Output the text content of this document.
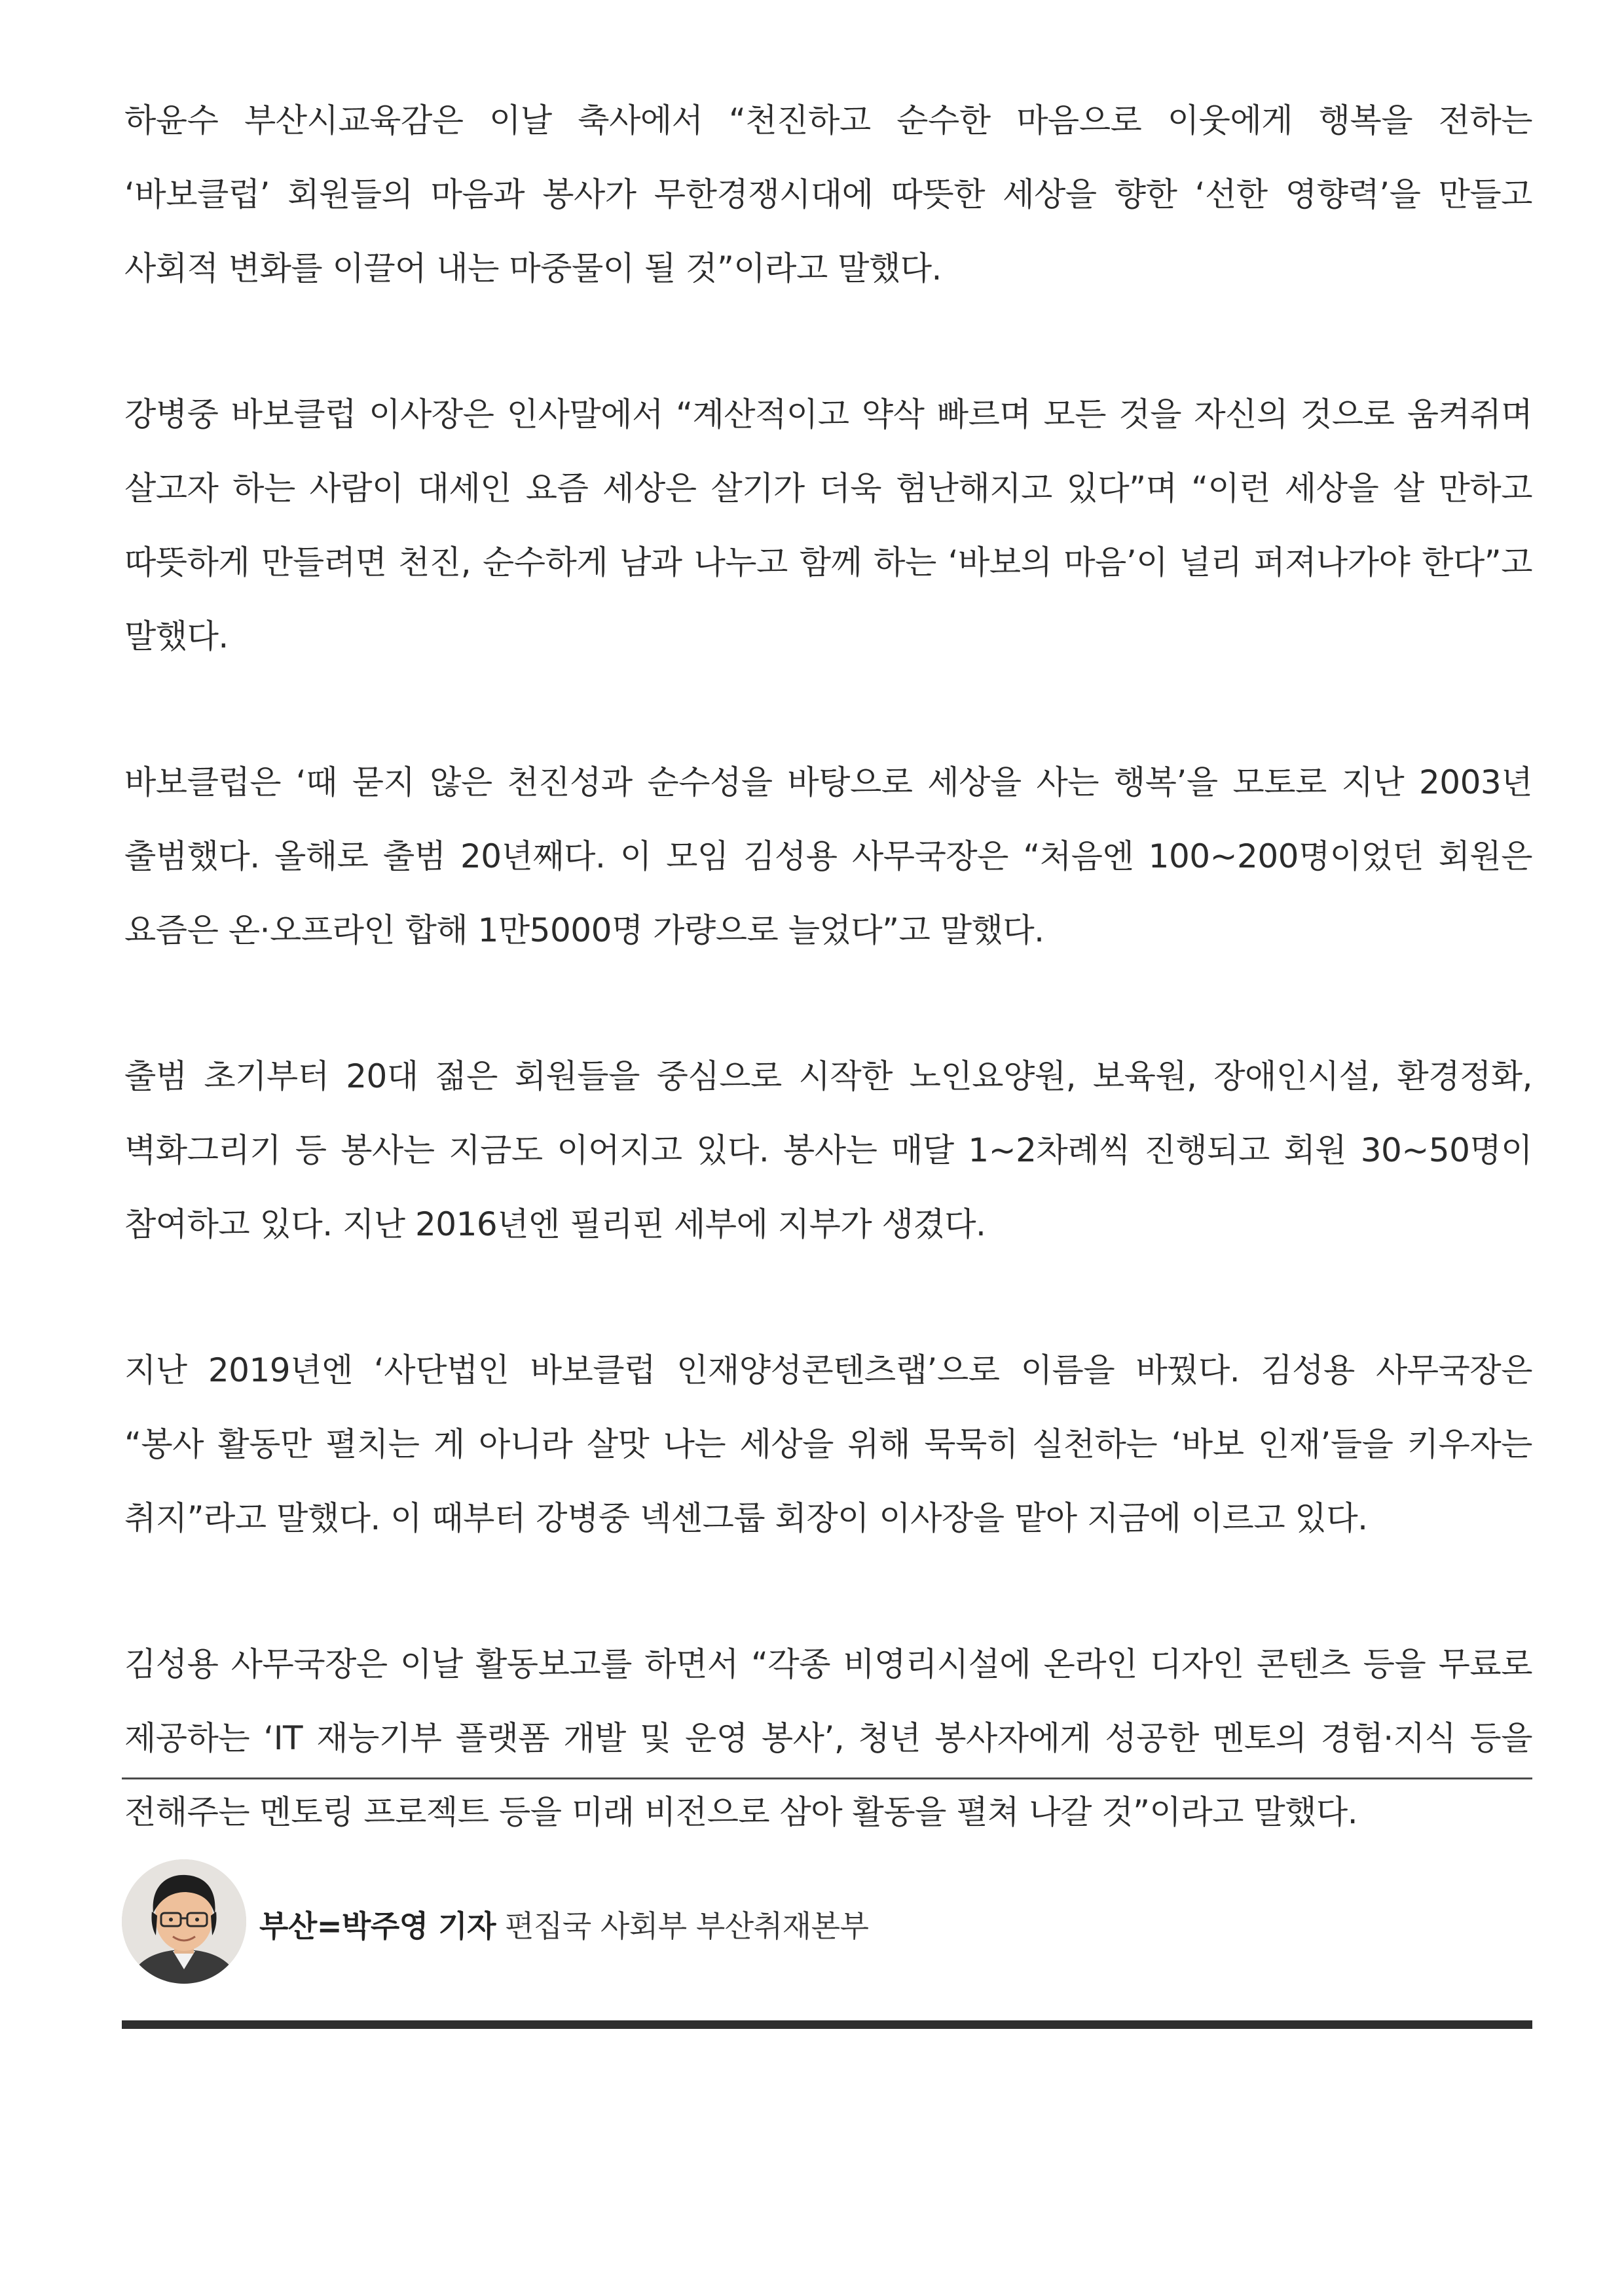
하윤수 부산시교육감은 이날 축사에서 “천진하고 순수한 마음으로 이웃에게 행복을 전하는 ‘바보클럽’ 회원들의 마음과 봉사가 무한경쟁시대에 따뜻한 세상을 향한 ‘선한 영향력’을 만들고 사회적 변화를 이끌어 내는 마중물이 될 것”이라고 말했다.

강병중 바보클럽 이사장은 인사말에서 “계산적이고 약삭 빠르며 모든 것을 자신의 것으로 움켜쥐며 살고자 하는 사람이 대세인 요즘 세상은 살기가 더욱 험난해지고 있다”며 “이런 세상을 살 만하고 따뜻하게 만들려면 천진, 순수하게 남과 나누고 함께 하는 ‘바보의 마음’이 널리 퍼져나가야 한다”고 말했다.

바보클럽은 ‘때 묻지 않은 천진성과 순수성을 바탕으로 세상을 사는 행복’을 모토로 지난 2003년 출범했다. 올해로 출범 20년째다. 이 모임 김성용 사무국장은 “처음엔 100~200명이었던 회원은 요즘은 온·오프라인 합해 1만5000명 가량으로 늘었다”고 말했다.

출범 초기부터 20대 젊은 회원들을 중심으로 시작한 노인요양원, 보육원, 장애인시설, 환경정화, 벽화그리기 등 봉사는 지금도 이어지고 있다. 봉사는 매달 1~2차례씩 진행되고 회원 30~50명이 참여하고 있다. 지난 2016년엔 필리핀 세부에 지부가 생겼다.

지난 2019년엔 ‘사단법인 바보클럽 인재양성콘텐츠랩’으로 이름을 바꿨다. 김성용 사무국장은 “봉사 활동만 펼치는 게 아니라 살맛 나는 세상을 위해 묵묵히 실천하는 ‘바보 인재’들을 키우자는 취지”라고 말했다. 이 때부터 강병중 넥센그룹 회장이 이사장을 맡아 지금에 이르고 있다.

김성용 사무국장은 이날 활동보고를 하면서 “각종 비영리시설에 온라인 디자인 콘텐츠 등을 무료로 제공하는 ‘IT 재능기부 플랫폼 개발 및 운영 봉사’, 청년 봉사자에게 성공한 멘토의 경험·지식 등을 전해주는 멘토링 프로젝트 등을 미래 비전으로 삼아 활동을 펼쳐 나갈 것”이라고 말했다.

부산=박주영 기자 편집국 사회부 부산취재본부
